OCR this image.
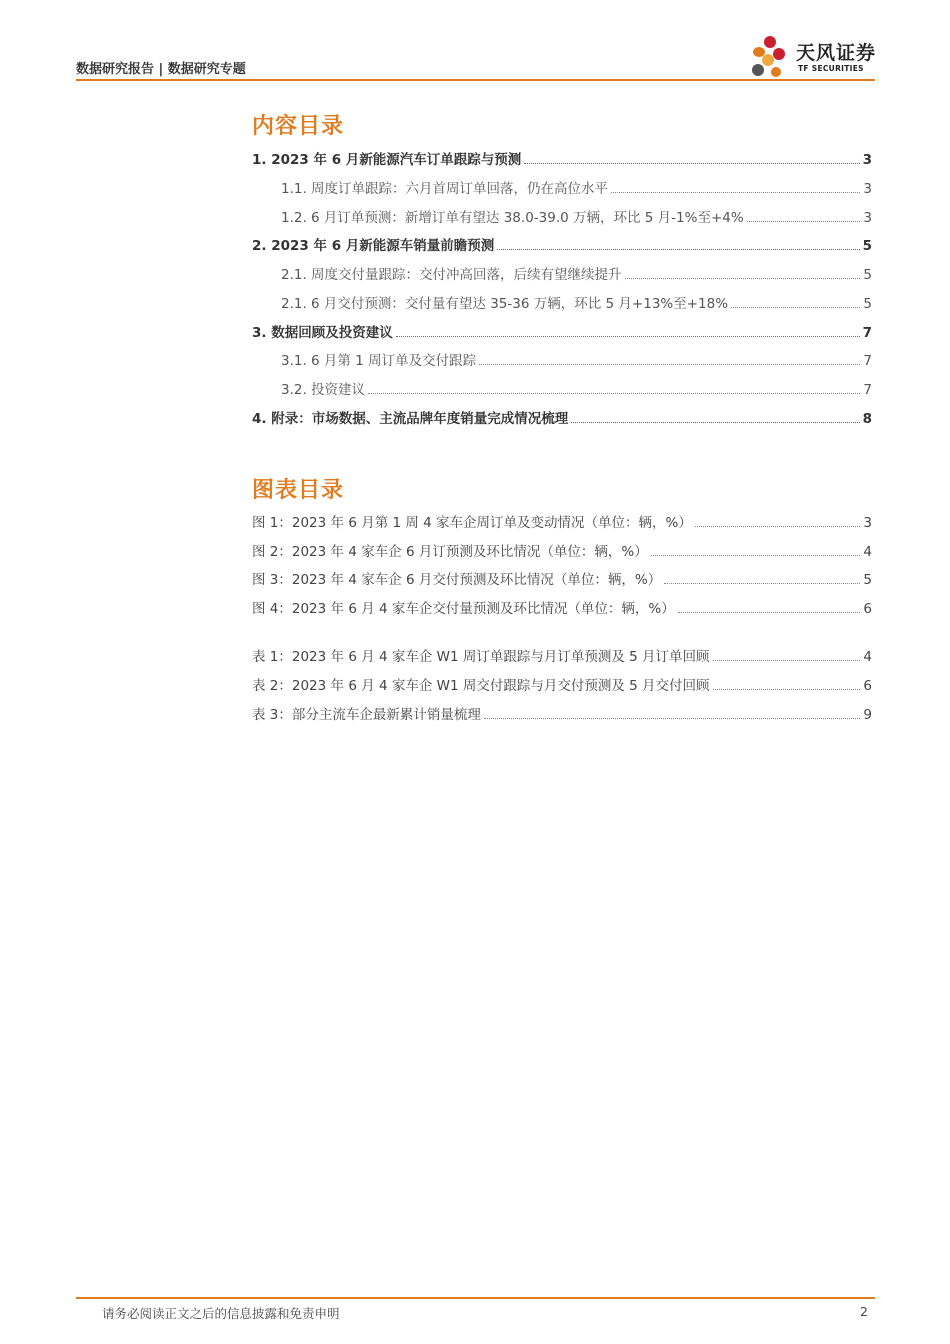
数据研究报告 | 数据研究专题
天风证券
TF SECURITIES
内容目录
1. 2023 年 6 月新能源汽车订单跟踪与预测	3
1.1. 周度订单跟踪：六月首周订单回落，仍在高位水平	3
1.2. 6 月订单预测：新增订单有望达 38.0-39.0 万辆，环比 5 月-1%至+4%	3
2. 2023 年 6 月新能源车销量前瞻预测	5
2.1. 周度交付量跟踪：交付冲高回落，后续有望继续提升	5
2.1. 6 月交付预测：交付量有望达 35-36 万辆，环比 5 月+13%至+18%	5
3. 数据回顾及投资建议	7
3.1. 6 月第 1 周订单及交付跟踪	7
3.2. 投资建议	7
4. 附录：市场数据、主流品牌年度销量完成情况梳理	8
图表目录
图 1：2023 年 6 月第 1 周 4 家车企周订单及变动情况（单位：辆，%）	3
图 2：2023 年 4 家车企 6 月订预测及环比情况（单位：辆，%）	4
图 3：2023 年 4 家车企 6 月交付预测及环比情况（单位：辆，%）	5
图 4：2023 年 6 月 4 家车企交付量预测及环比情况（单位：辆，%）	6
表 1：2023 年 6 月 4 家车企 W1 周订单跟踪与月订单预测及 5 月订单回顾	4
表 2：2023 年 6 月 4 家车企 W1 周交付跟踪与月交付预测及 5 月交付回顾	6
表 3：部分主流车企最新累计销量梳理	9
请务必阅读正文之后的信息披露和免责申明	2
